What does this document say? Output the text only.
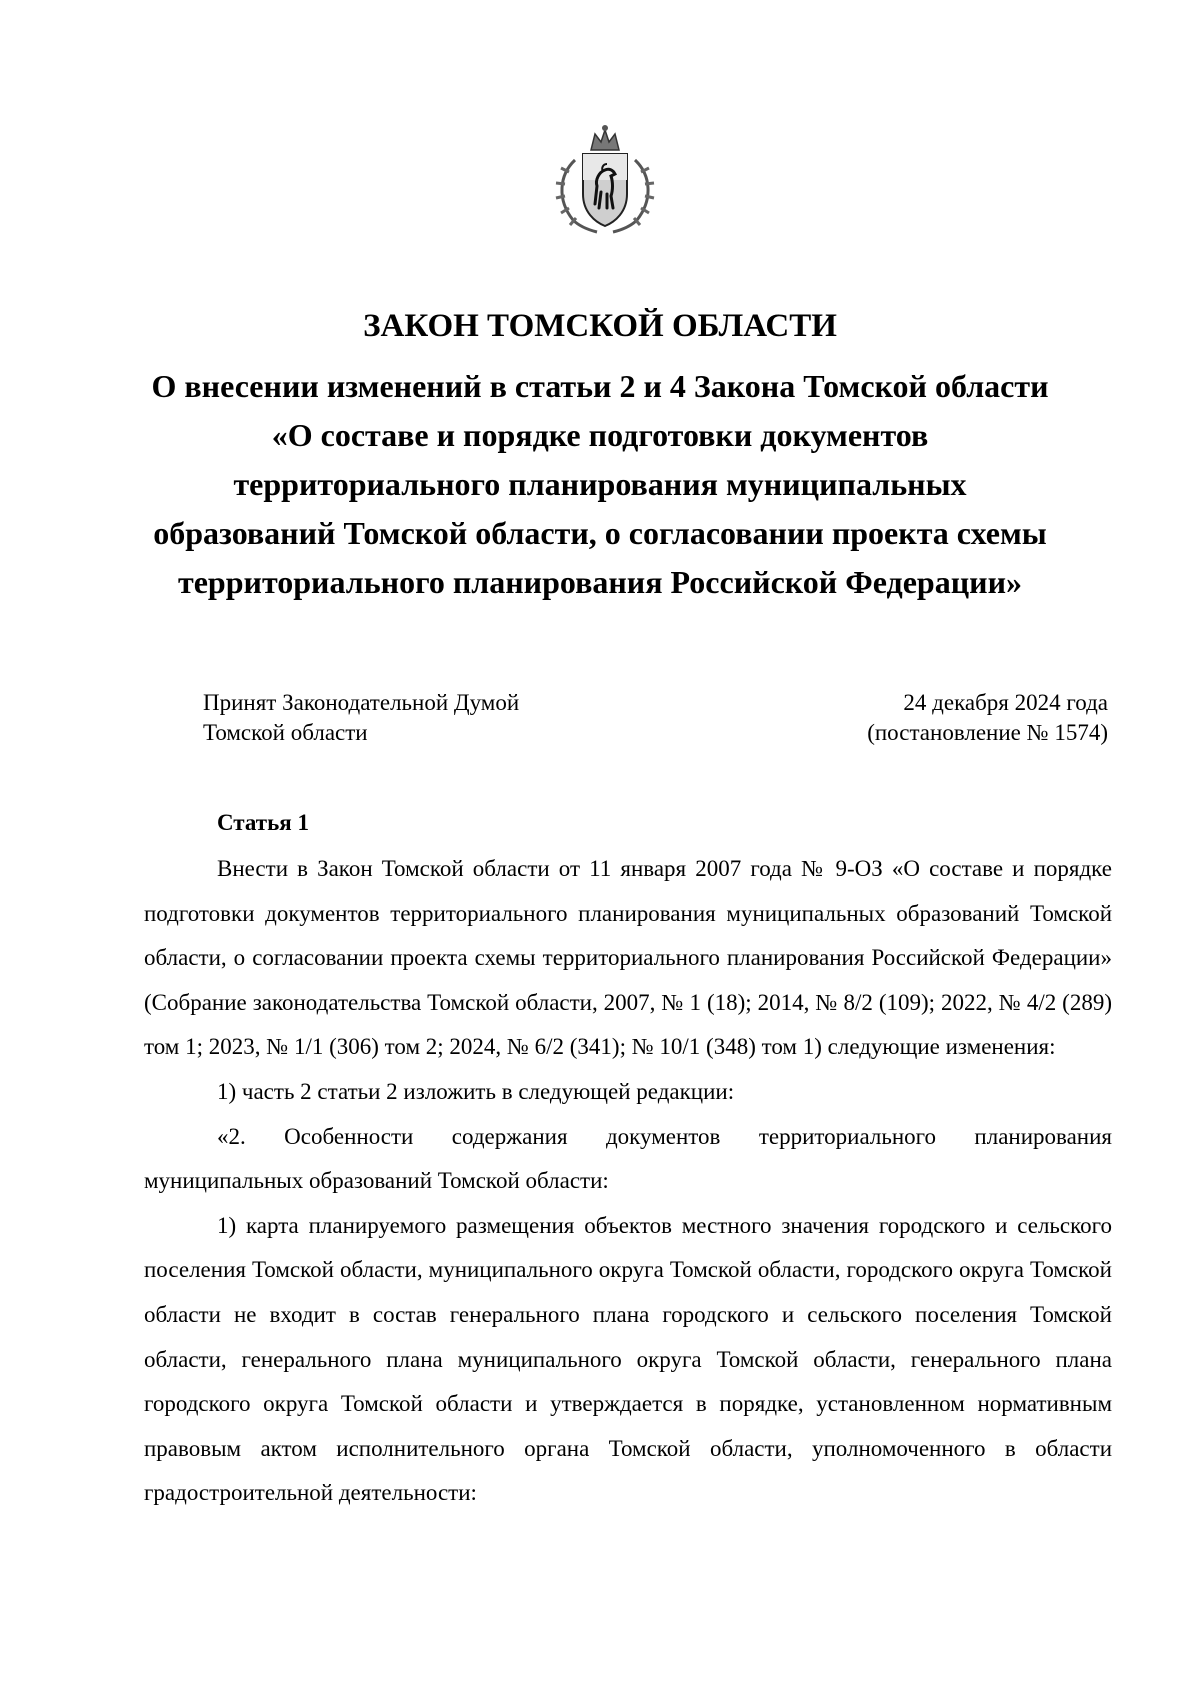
ЗАКОН ТОМСКОЙ ОБЛАСТИ
О внесении изменений в статьи 2 и 4 Закона Томской области «О составе и порядке подготовки документов территориального планирования муниципальных образований Томской области, о согласовании проекта схемы территориального планирования Российской Федерации»
Принят Законодательной Думой
Томской области
24 декабря 2024 года
(постановление № 1574)
Статья 1

Внести в Закон Томской области от 11 января 2007 года № 9-ОЗ «О составе и порядке подготовки документов территориального планирования муниципальных образований Томской области, о согласовании проекта схемы территориального планирования Российской Федерации» (Собрание законодательства Томской области, 2007, № 1 (18); 2014, № 8/2 (109); 2022, № 4/2 (289) том 1; 2023, № 1/1 (306) том 2; 2024, № 6/2 (341); № 10/1 (348) том 1) следующие изменения:

1) часть 2 статьи 2 изложить в следующей редакции:

«2. Особенности содержания документов территориального планирования муниципальных образований Томской области:

1) карта планируемого размещения объектов местного значения городского и сельского поселения Томской области, муниципального округа Томской области, городского округа Томской области не входит в состав генерального плана городского и сельского поселения Томской области, генерального плана муниципального округа Томской области, генерального плана городского округа Томской области и утверждается в порядке, установленном нормативным правовым актом исполнительного органа Томской области, уполномоченного в области градостроительной деятельности:
